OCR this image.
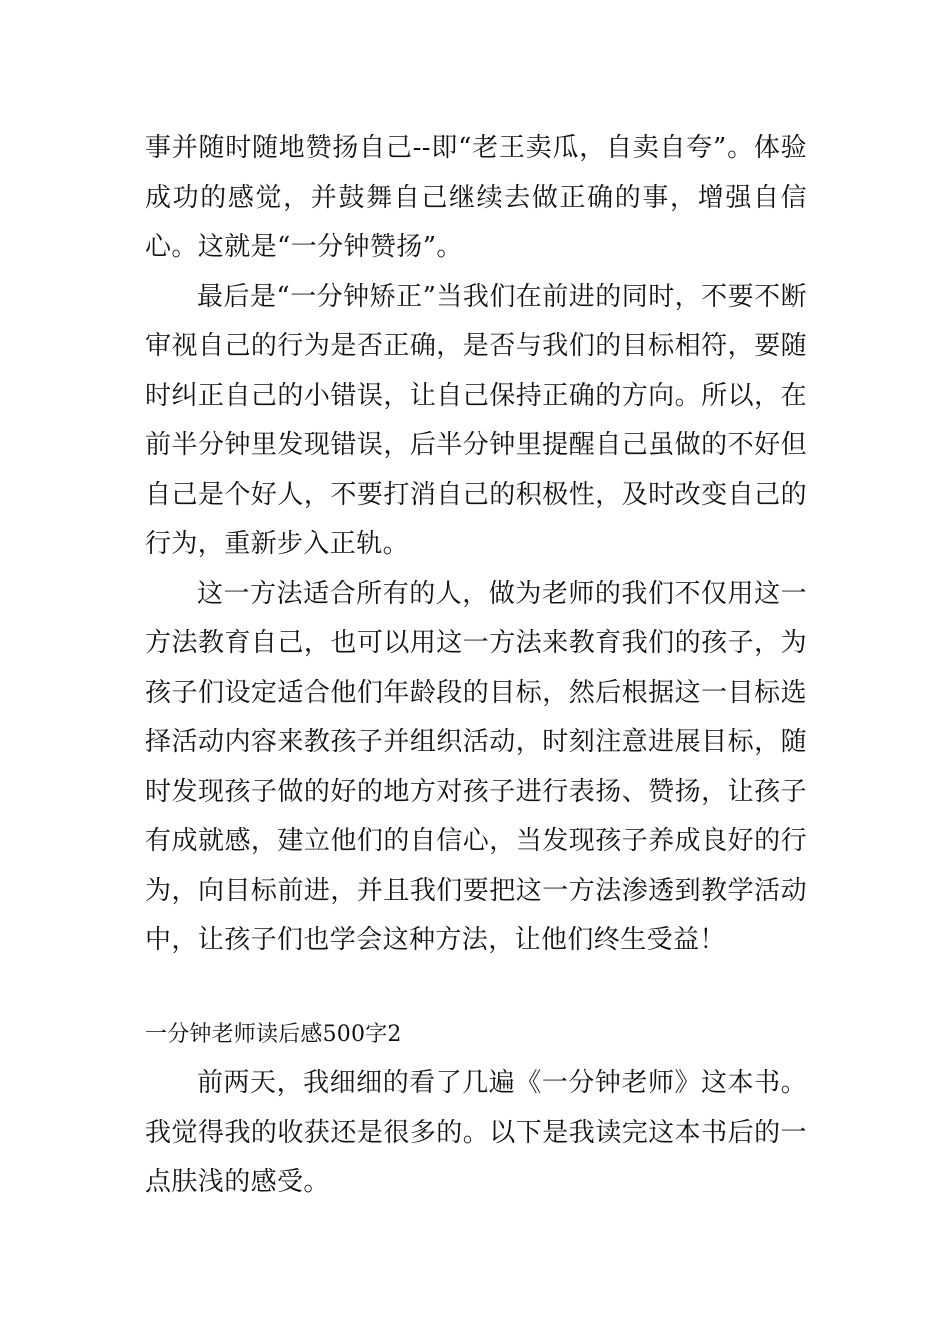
事并随时随地赞扬自己--即“老王卖瓜，自卖自夸”。体验成功的感觉，并鼓舞自己继续去做正确的事，增强自信心。这就是“一分钟赞扬”。

最后是“一分钟矫正”当我们在前进的同时，不要不断审视自己的行为是否正确，是否与我们的目标相符，要随时纠正自己的小错误，让自己保持正确的方向。所以，在前半分钟里发现错误，后半分钟里提醒自己虽做的不好但自己是个好人，不要打消自己的积极性，及时改变自己的行为，重新步入正轨。

这一方法适合所有的人，做为老师的我们不仅用这一方法教育自己，也可以用这一方法来教育我们的孩子，为孩子们设定适合他们年龄段的目标，然后根据这一目标选择活动内容来教孩子并组织活动，时刻注意进展目标，随时发现孩子做的好的地方对孩子进行表扬、赞扬，让孩子有成就感，建立他们的自信心，当发现孩子养成良好的行为，向目标前进，并且我们要把这一方法渗透到教学活动中，让孩子们也学会这种方法，让他们终生受益！

一分钟老师读后感500字2

前两天，我细细的看了几遍《一分钟老师》这本书。我觉得我的收获还是很多的。以下是我读完这本书后的一点肤浅的感受。
